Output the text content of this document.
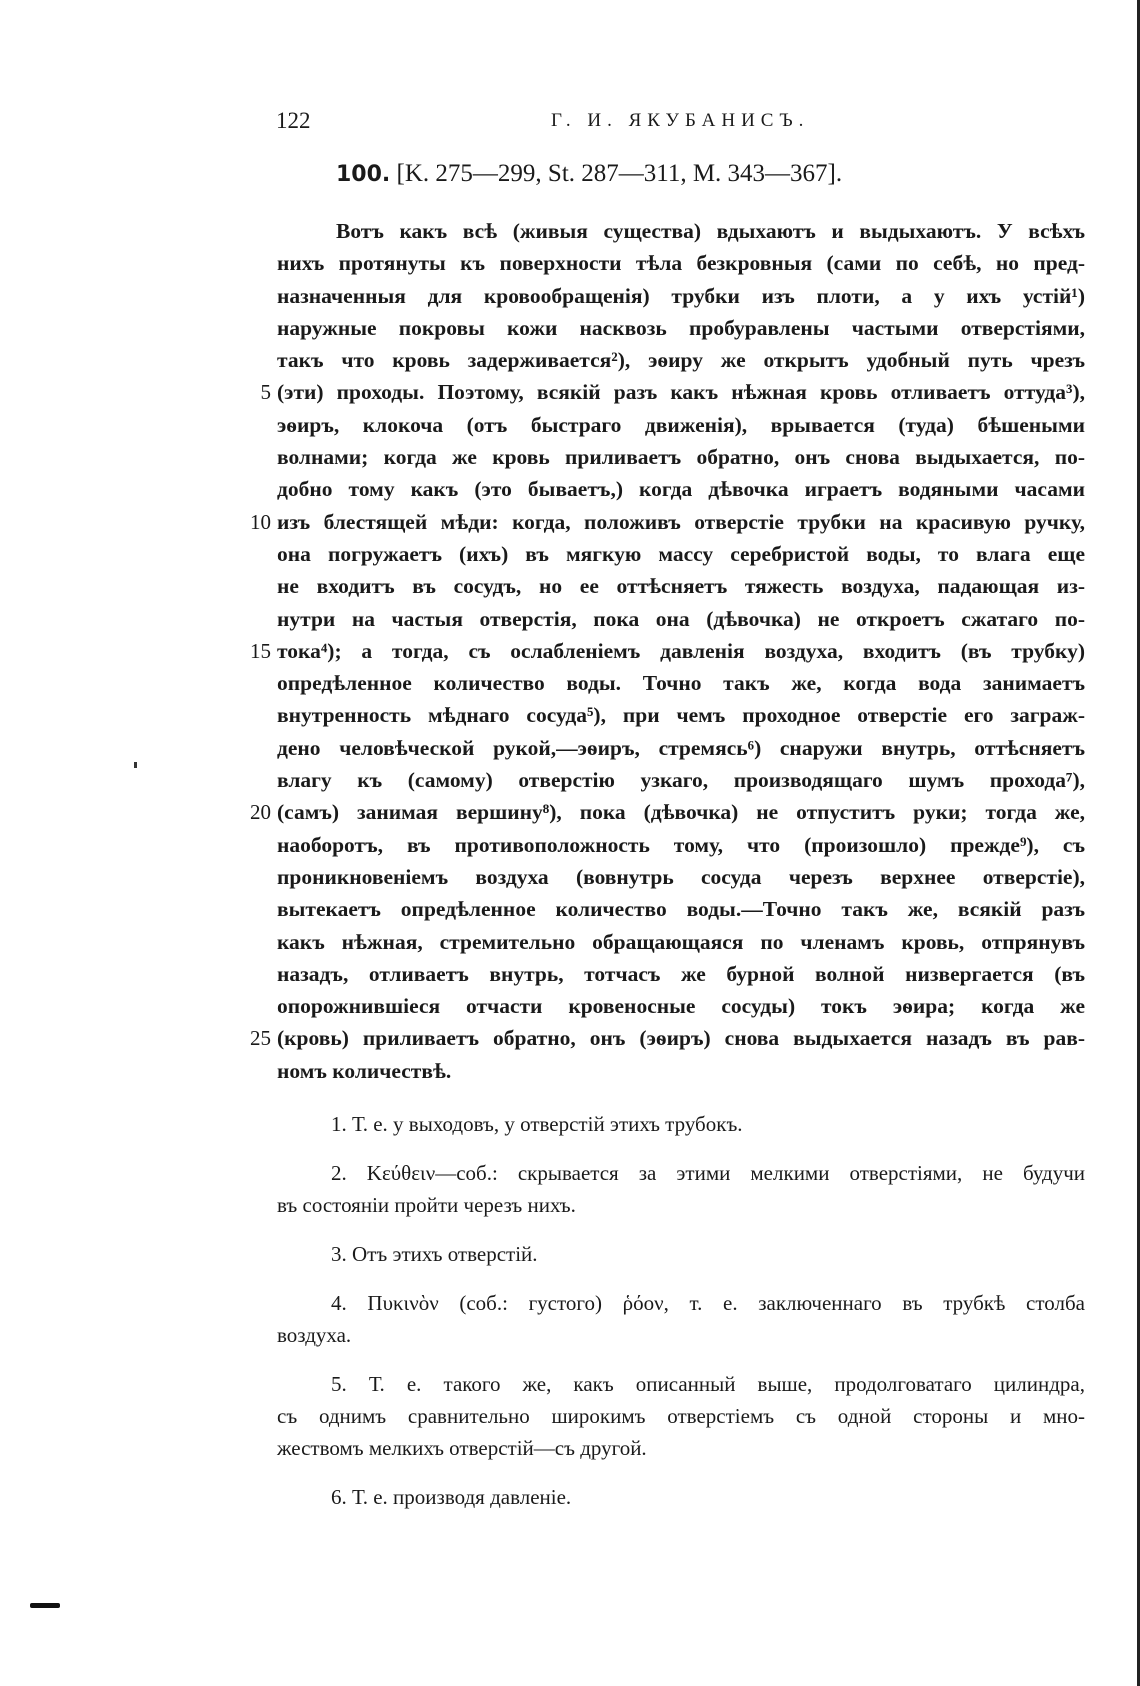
122	Г. И. ЯКУБАНИСЪ.
100. [K. 275—299, St. 287—311, M. 343—367].
Вотъ какъ всѣ (живыя существа) вдыхаютъ и выдыхаютъ. У всѣхъ
нихъ протянуты къ поверхности тѣла безкровныя (сами по себѣ, но пред-
назначенныя для кровообращенія) трубки изъ плоти, а у ихъ устій¹)
наружные покровы кожи насквозь пробуравлены частыми отверстіями,
такъ что кровь задерживается²), эѳиру же открытъ удобный путь чрезъ
5 (эти) проходы. Поэтому, всякій разъ какъ нѣжная кровь отливаетъ оттуда³),
эѳиръ, клокоча (отъ быстраго движенія), врывается (туда) бѣшеными
волнами; когда же кровь приливаетъ обратно, онъ снова выдыхается, по-
добно тому какъ (это бываетъ,) когда дѣвочка играетъ водяными часами
10 изъ блестящей мѣди: когда, положивъ отверстіе трубки на красивую ручку,
она погружаетъ (ихъ) въ мягкую массу серебристой воды, то влага еще
не входитъ въ сосудъ, но ее оттѣсняетъ тяжесть воздуха, падающая из-
нутри на частыя отверстія, пока она (дѣвочка) не откроетъ сжатаго по-
15 тока⁴); а тогда, съ ослабленіемъ давленія воздуха, входитъ (въ трубку)
опредѣленное количество воды. Точно такъ же, когда вода занимаетъ
внутренность мѣднаго сосуда⁵), при чемъ проходное отверстіе его заграж-
дено человѣческой рукой,—эѳиръ, стремясь⁶) снаружи внутрь, оттѣсняетъ
влагу къ (самому) отверстію узкаго, производящаго шумъ прохода⁷),
20 (самъ) занимая вершину⁸), пока (дѣвочка) не отпуститъ руки; тогда же,
наоборотъ, въ противоположность тому, что (произошло) прежде⁹), съ
проникновеніемъ воздуха (вовнутрь сосуда черезъ верхнее отверстіе),
вытекаетъ опредѣленное количество воды.—Точно такъ же, всякій разъ
какъ нѣжная, стремительно обращающаяся по членамъ кровь, отпрянувъ
назадъ, отливаетъ внутрь, тотчасъ же бурной волной низвергается (въ
опорожнившіеся отчасти кровеносные сосуды) токъ эѳира; когда же
25 (кровь) приливаетъ обратно, онъ (эѳиръ) снова выдыхается назадъ въ рав-
номъ количествѣ.
1. Т. е. у выходовъ, у отверстій этихъ трубокъ.
2. Κεύθειν—соб.: скрывается за этими мелкими отверстіями, не будучи
въ состояніи пройти черезъ нихъ.
3. Отъ этихъ отверстій.
4. Πυκινὸν (соб.: густого) ῥόον, т. е. заключеннаго въ трубкѣ столба
воздуха.
5. Т. е. такого же, какъ описанный выше, продолговатаго цилиндра,
съ однимъ сравнительно широкимъ отверстіемъ съ одной стороны и мно-
жествомъ мелкихъ отверстій—съ другой.
6. Т. е. производя давленіе.
